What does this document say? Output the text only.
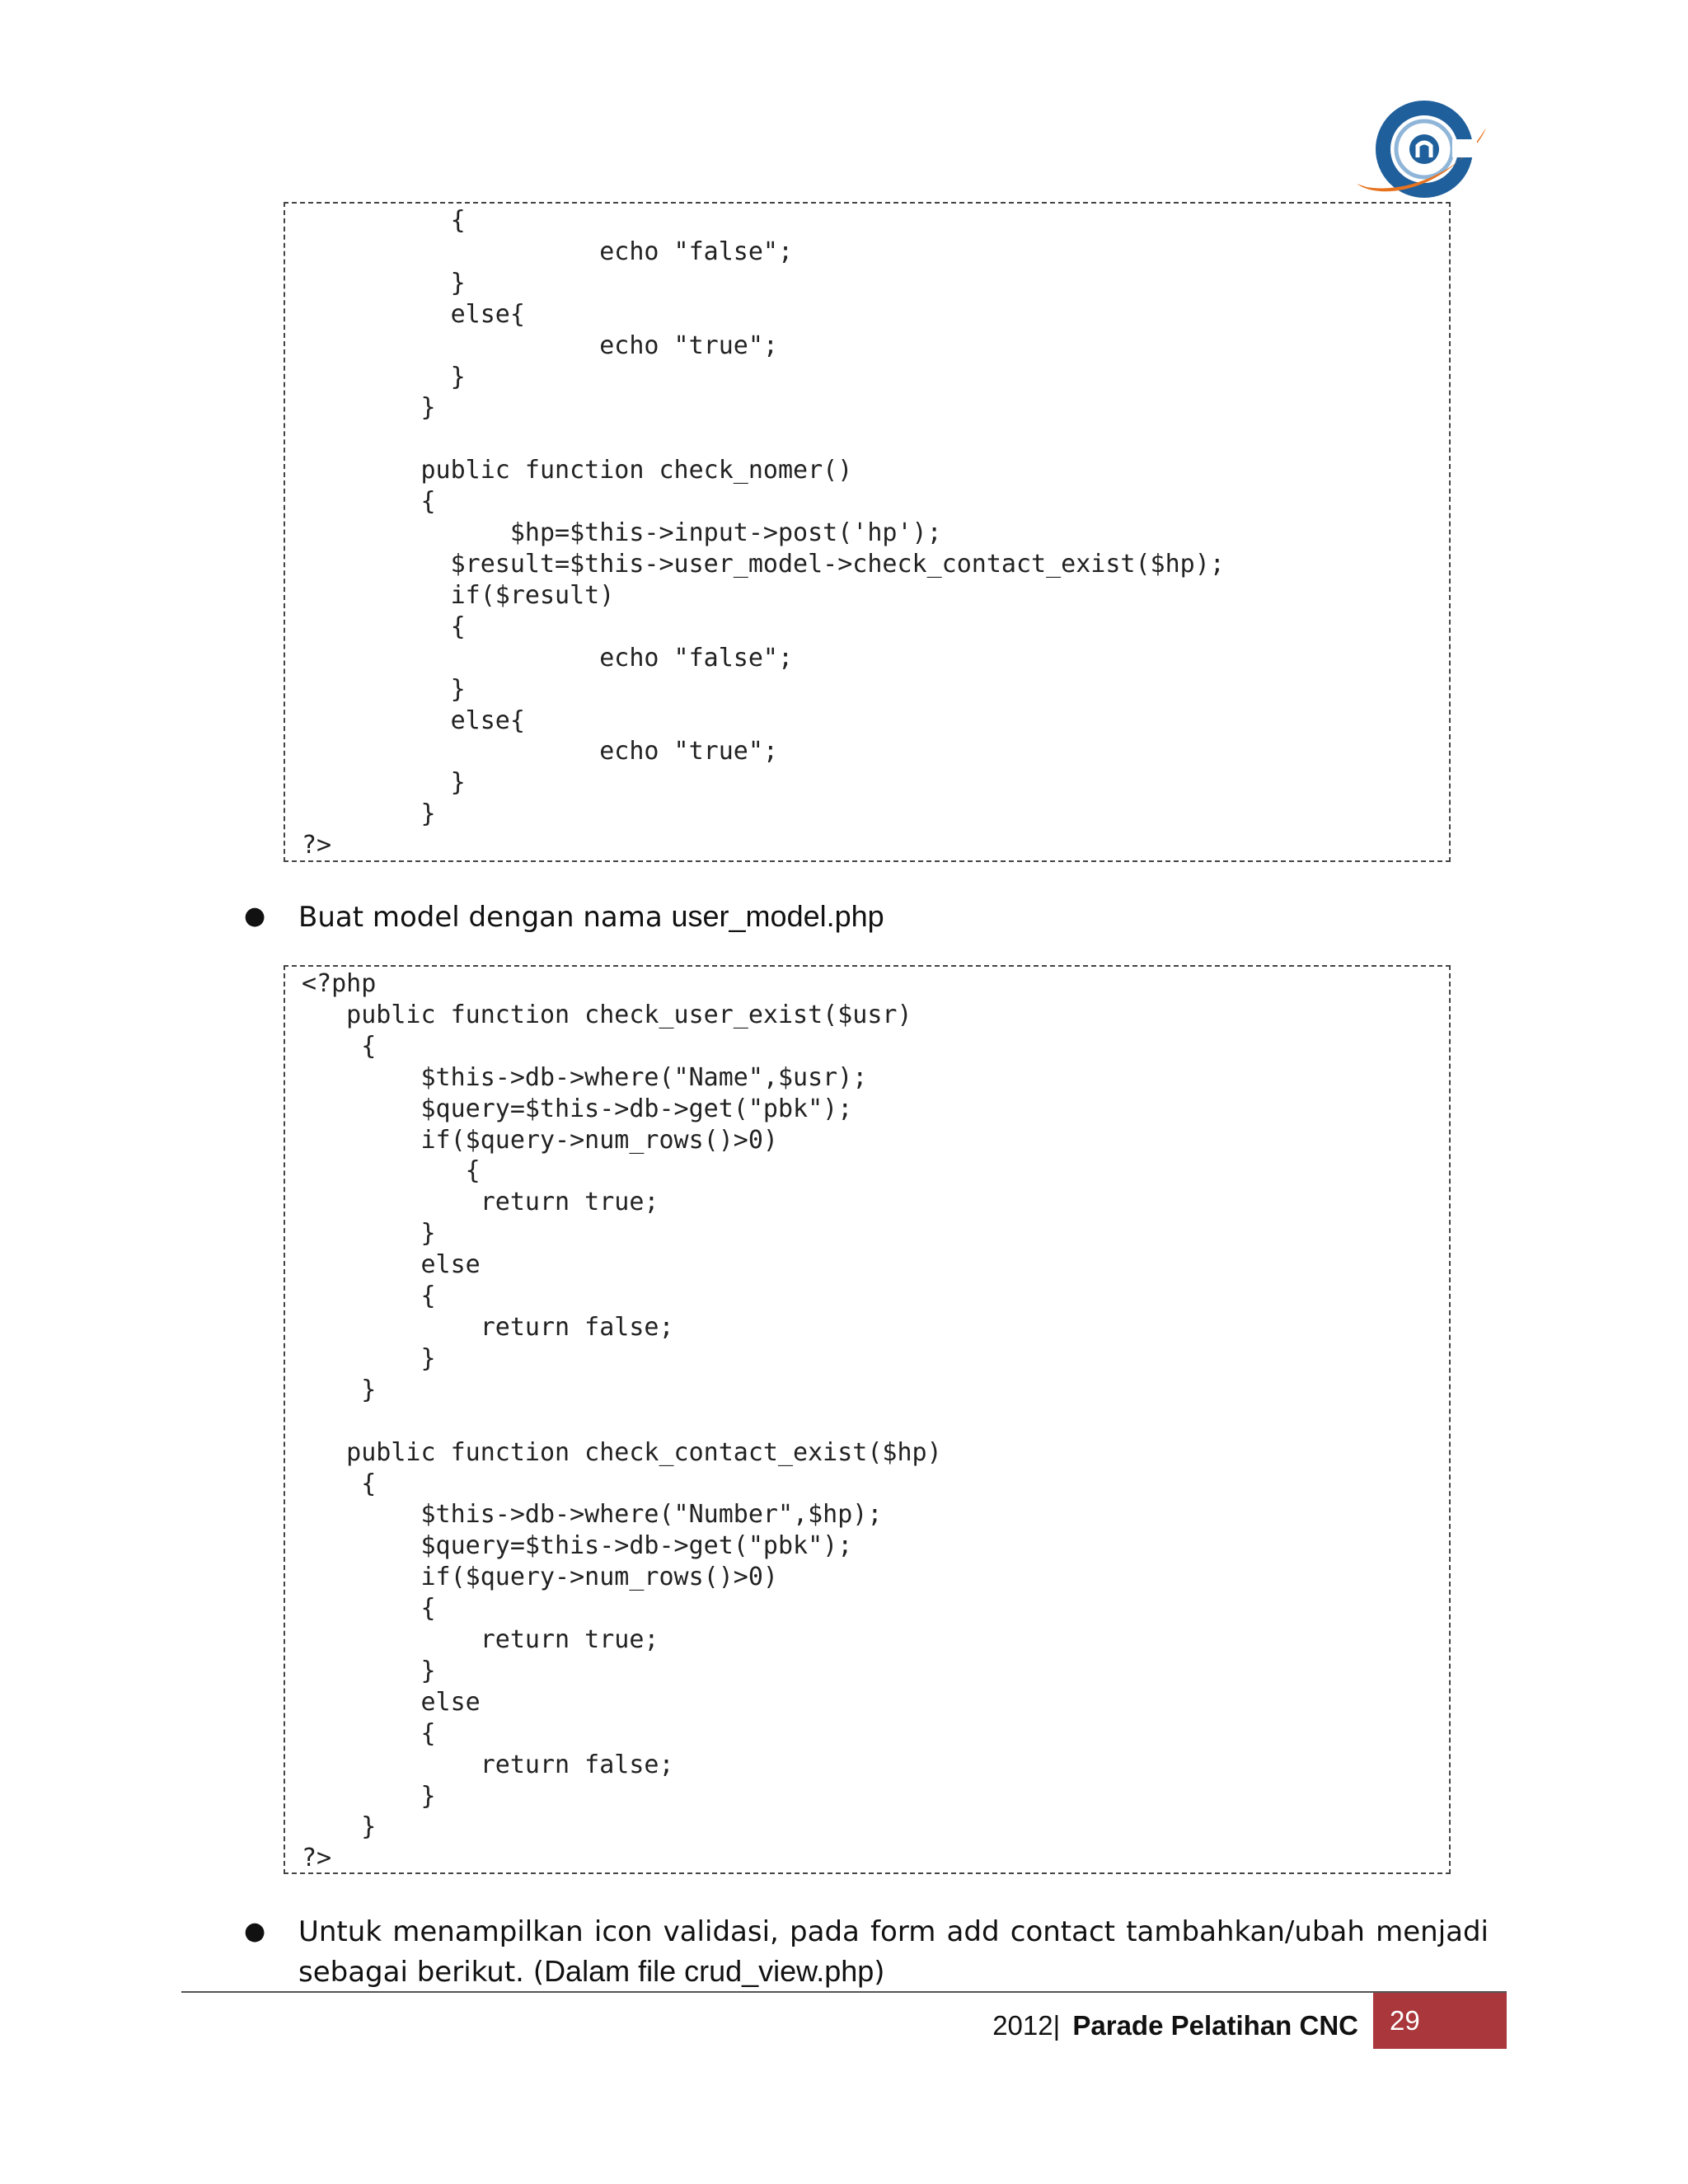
{
echo "false";
}
else{
echo "true";
}
}

public function check_nomer()
{
$hp=$this->input->post('hp');
$result=$this->user_model->check_contact_exist($hp);
if($result)
{
echo "false";
}
else{
echo "true";
}
}
?>
● Buat model dengan nama user_model.php
<?php
public function check_user_exist($usr)
{
$this->db->where("Name",$usr);
$query=$this->db->get("pbk");
if($query->num_rows()>0)
{
return true;
}
else
{
return false;
}
}

public function check_contact_exist($hp)
{
$this->db->where("Number",$hp);
$query=$this->db->get("pbk");
if($query->num_rows()>0)
{
return true;
}
else
{
return false;
}
}
?>
● Untuk menampilkan icon validasi, pada form add contact tambahkan/ubah menjadi sebagai berikut. (Dalam file crud_view.php)
2012| Parade Pelatihan CNC	29
